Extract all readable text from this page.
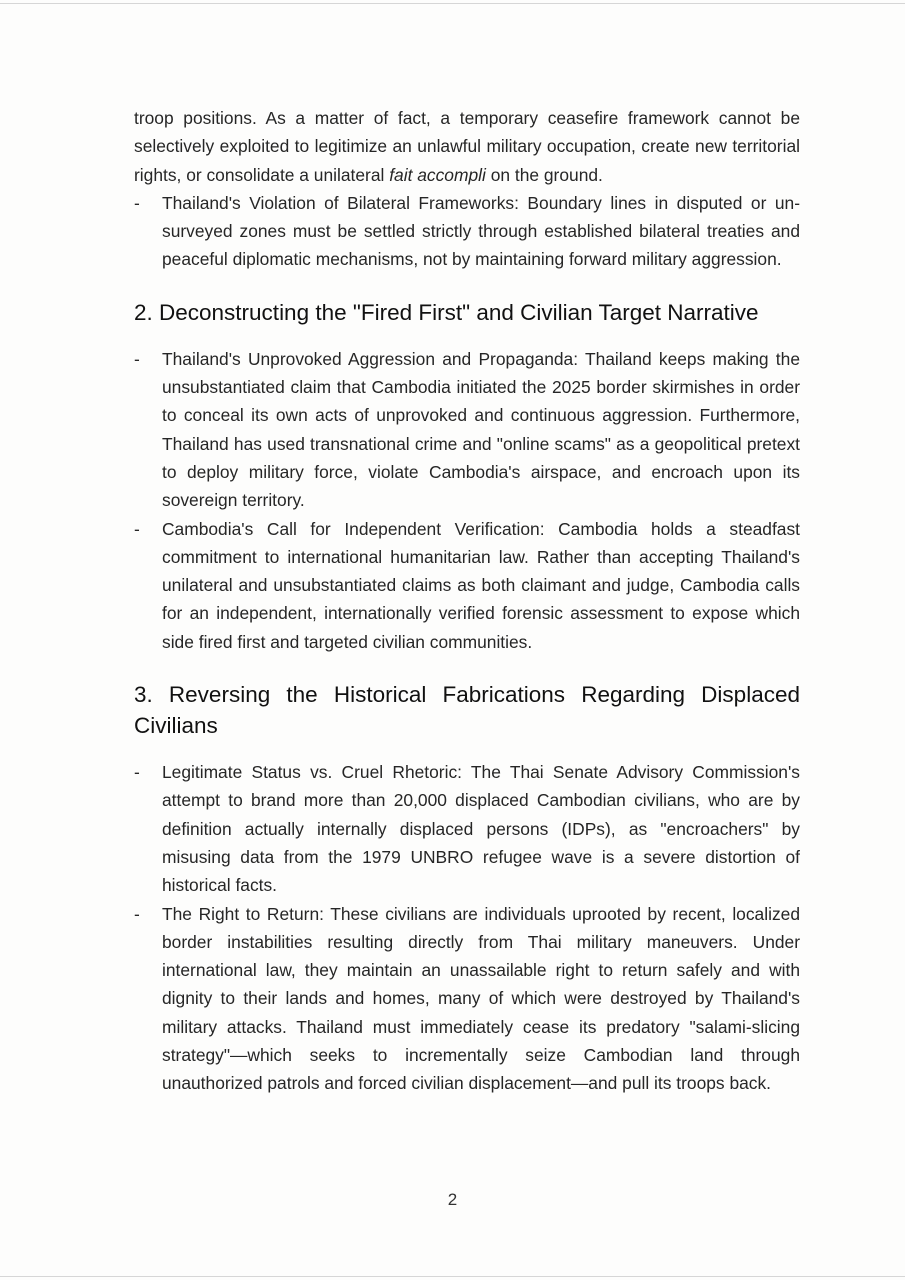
troop positions. As a matter of fact, a temporary ceasefire framework cannot be selectively exploited to legitimize an unlawful military occupation, create new territorial rights, or consolidate a unilateral fait accompli on the ground.

- Thailand's Violation of Bilateral Frameworks: Boundary lines in disputed or un-surveyed zones must be settled strictly through established bilateral treaties and peaceful diplomatic mechanisms, not by maintaining forward military aggression.

2. Deconstructing the "Fired First" and Civilian Target Narrative
- Thailand's Unprovoked Aggression and Propaganda: Thailand keeps making the unsubstantiated claim that Cambodia initiated the 2025 border skirmishes in order to conceal its own acts of unprovoked and continuous aggression. Furthermore, Thailand has used transnational crime and "online scams" as a geopolitical pretext to deploy military force, violate Cambodia's airspace, and encroach upon its sovereign territory.

- Cambodia's Call for Independent Verification: Cambodia holds a steadfast commitment to international humanitarian law. Rather than accepting Thailand's unilateral and unsubstantiated claims as both claimant and judge, Cambodia calls for an independent, internationally verified forensic assessment to expose which side fired first and targeted civilian communities.

3. Reversing the Historical Fabrications Regarding Displaced Civilians
- Legitimate Status vs. Cruel Rhetoric: The Thai Senate Advisory Commission's attempt to brand more than 20,000 displaced Cambodian civilians, who are by definition actually internally displaced persons (IDPs), as "encroachers" by misusing data from the 1979 UNBRO refugee wave is a severe distortion of historical facts.

- The Right to Return: These civilians are individuals uprooted by recent, localized border instabilities resulting directly from Thai military maneuvers. Under international law, they maintain an unassailable right to return safely and with dignity to their lands and homes, many of which were destroyed by Thailand's military attacks. Thailand must immediately cease its predatory "salami-slicing strategy"—which seeks to incrementally seize Cambodian land through unauthorized patrols and forced civilian displacement—and pull its troops back.

2
